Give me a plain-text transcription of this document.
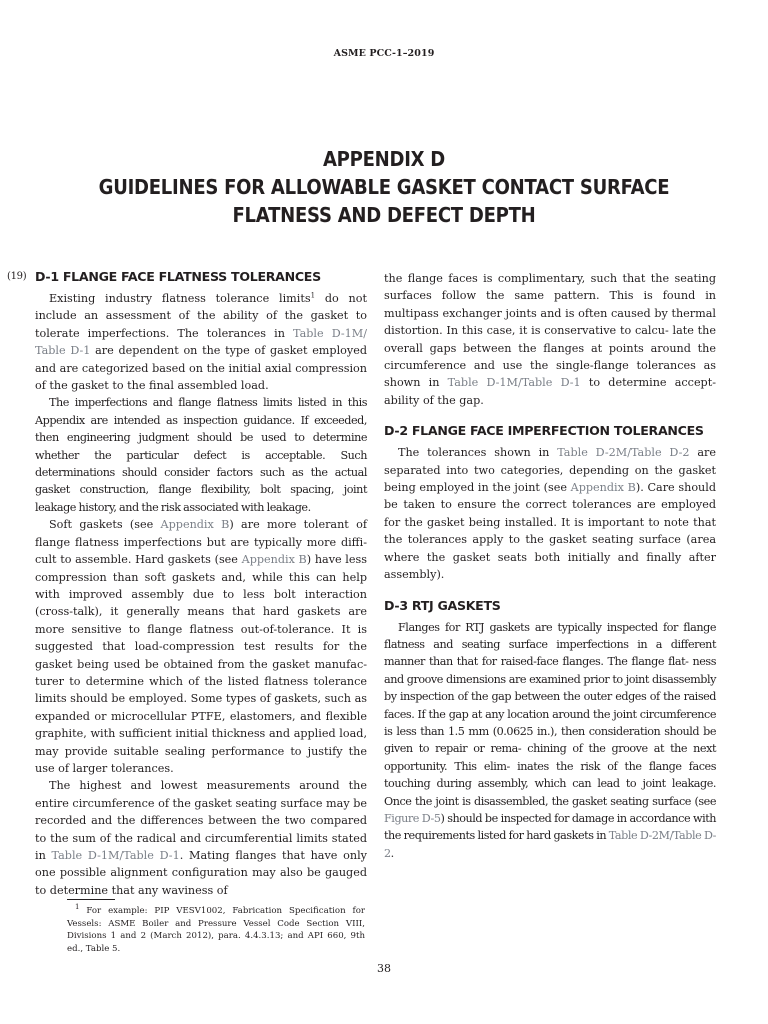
ASME PCC-1–2019
APPENDIX D
GUIDELINES FOR ALLOWABLE GASKET CONTACT SURFACE
FLATNESS AND DEFECT DEPTH
(19) D-1 FLANGE FACE FLATNESS TOLERANCES

Existing industry flatness tolerance limits$^1$ do not include an assessment of the ability of the gasket to tolerate imperfections. The tolerances in Table D-1M/ Table D-1 are dependent on the type of gasket employed and are categorized based on the initial axial compression of the gasket to the final assembled load.

The imperfections and flange flatness limits listed in this Appendix are intended as inspection guidance. If exceeded, then engineering judgment should be used to determine whether the particular defect is acceptable. Such determinations should consider factors such as the actual gasket construction, flange flexibility, bolt spacing, joint leakage history, and the risk associated with leakage.

Soft gaskets (see Appendix B) are more tolerant of flange flatness imperfections but are typically more diffi- cult to assemble. Hard gaskets (see Appendix B) have less compression than soft gaskets and, while this can help with improved assembly due to less bolt interaction (cross-talk), it generally means that hard gaskets are more sensitive to flange flatness out-of-tolerance. It is suggested that load-compression test results for the gasket being used be obtained from the gasket manufac- turer to determine which of the listed flatness tolerance limits should be employed. Some types of gaskets, such as expanded or microcellular PTFE, elastomers, and flexible graphite, with sufficient initial thickness and applied load, may provide suitable sealing performance to justify the use of larger tolerances.

The highest and lowest measurements around the entire circumference of the gasket seating surface may be recorded and the differences between the two compared to the sum of the radical and circumferential limits stated in Table D-1M/Table D-1. Mating flanges that have only one possible alignment configuration may also be gauged to determine that any waviness of

the flange faces is complimentary, such that the seating surfaces follow the same pattern. This is found in multipass exchanger joints and is often caused by thermal distortion. In this case, it is conservative to calcu- late the overall gaps between the flanges at points around the circumference and use the single-flange tolerances as shown in Table D-1M/Table D-1 to determine accept- ability of the gap.

D-2 FLANGE FACE IMPERFECTION TOLERANCES

The tolerances shown in Table D-2M/Table D-2 are separated into two categories, depending on the gasket being employed in the joint (see Appendix B). Care should be taken to ensure the correct tolerances are employed for the gasket being installed. It is important to note that the tolerances apply to the gasket seating surface (area where the gasket seats both initially and finally after assembly).

D-3 RTJ GASKETS

Flanges for RTJ gaskets are typically inspected for flange flatness and seating surface imperfections in a different manner than that for raised-face flanges. The flange flat- ness and groove dimensions are examined prior to joint disassembly by inspection of the gap between the outer edges of the raised faces. If the gap at any location around the joint circumference is less than 1.5 mm (0.0625 in.), then consideration should be given to repair or rema- chining of the groove at the next opportunity. This elim- inates the risk of the flange faces touching during assembly, which can lead to joint leakage. Once the joint is disassembled, the gasket seating surface (see Figure D-5) should be inspected for damage in accordance with the requirements listed for hard gaskets in Table D-2M/Table D-2.

$^1$ For example: PIP VESV1002, Fabrication Specification for Vessels: ASME Boiler and Pressure Vessel Code Section VIII, Divisions 1 and 2 (March 2012), para. 4.4.3.13; and API 660, 9th ed., Table 5.
38
